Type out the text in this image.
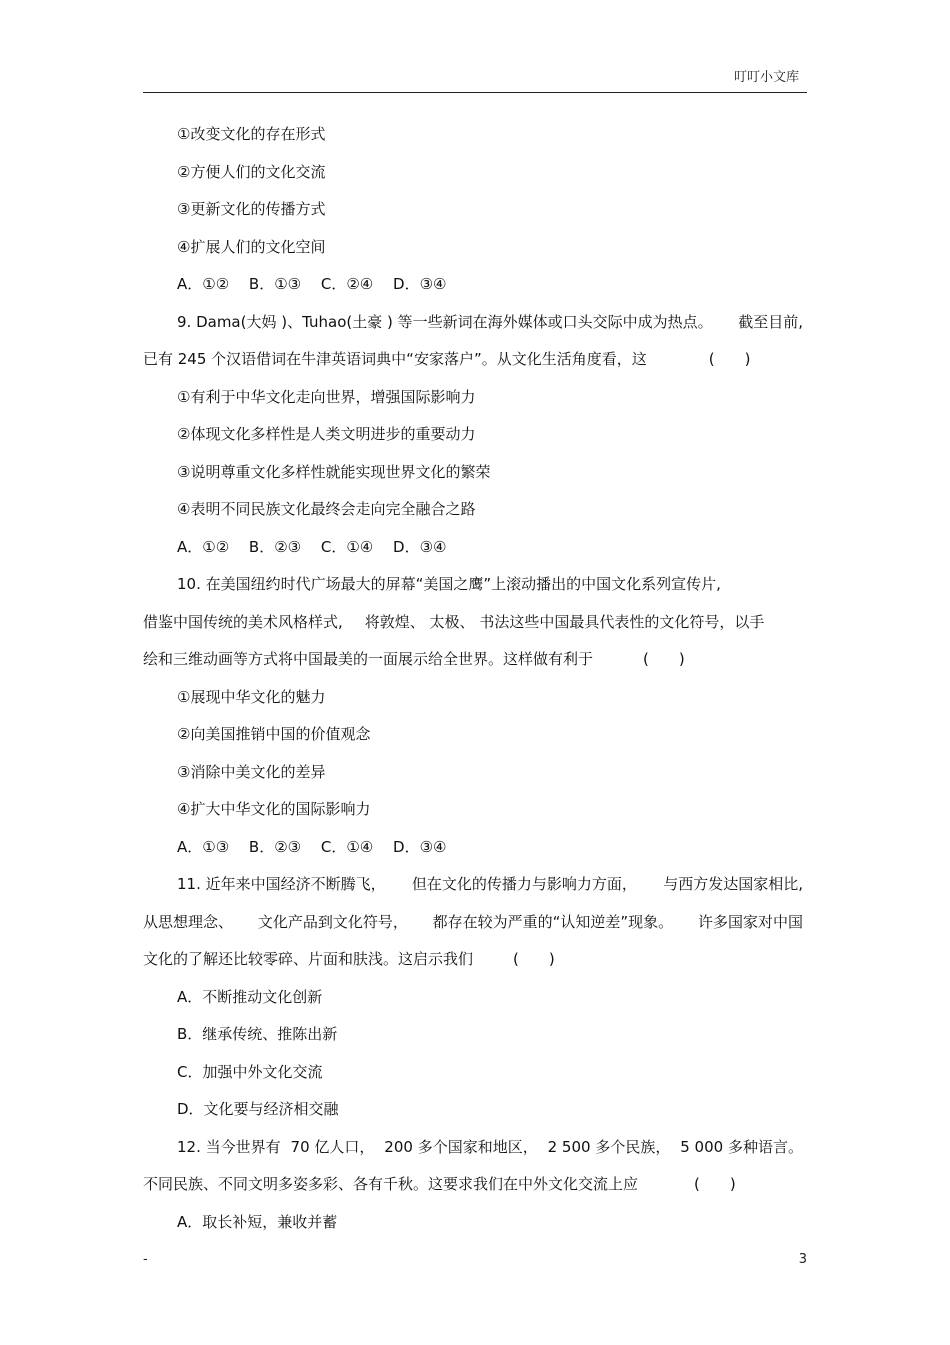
叮叮小文库
①改变文化的存在形式
②方便人们的文化交流
③更新文化的传播方式
④扩展人们的文化空间
A．①②　 B．①③　 C．②④　 D．③④
9. Dama(大妈 )、Tuhao(土豪 ) 等一些新词在海外媒体或口头交际中成为热点。 截至目前,
已有 245 个汉语借词在牛津英语词典中“安家落户”。从文化生活角度看，这	(　　)
①有利于中华文化走向世界，增强国际影响力
②体现文化多样性是人类文明进步的重要动力
③说明尊重文化多样性就能实现世界文化的繁荣
④表明不同民族文化最终会走向完全融合之路
A．①②　 B．②③　 C．①④　 D．③④
10. 在美国纽约时代广场最大的屏幕“美国之鹰”上滚动播出的中国文化系列宣传片,
借鉴中国传统的美术风格样式, 将敦煌、 太极、 书法这些中国最具代表性的文化符号，以手
绘和三维动画等方式将中国最美的一面展示给全世界。这样做有利于	(　　)
①展现中华文化的魅力
②向美国推销中国的价值观念
③消除中美文化的差异
④扩大中华文化的国际影响力
A．①③　 B．②③　 C．①④　 D．③④
11. 近年来中国经济不断腾飞， 但在文化的传播力与影响力方面， 与西方发达国家相比,
从思想理念、 文化产品到文化符号， 都存在较为严重的“认知逆差”现象。 许多国家对中国
文化的了解还比较零碎、片面和肤浅。这启示我们	(　　)
A．不断推动文化创新
B．继承传统、推陈出新
C．加强中外文化交流
D．文化要与经济相交融
12. 当今世界有 70 亿人口， 200 多个国家和地区， 2 500 多个民族， 5 000 多种语言。
不同民族、不同文明多姿多彩、各有千秋。这要求我们在中外文化交流上应	(　　)
A．取长补短，兼收并蓄
-	3
